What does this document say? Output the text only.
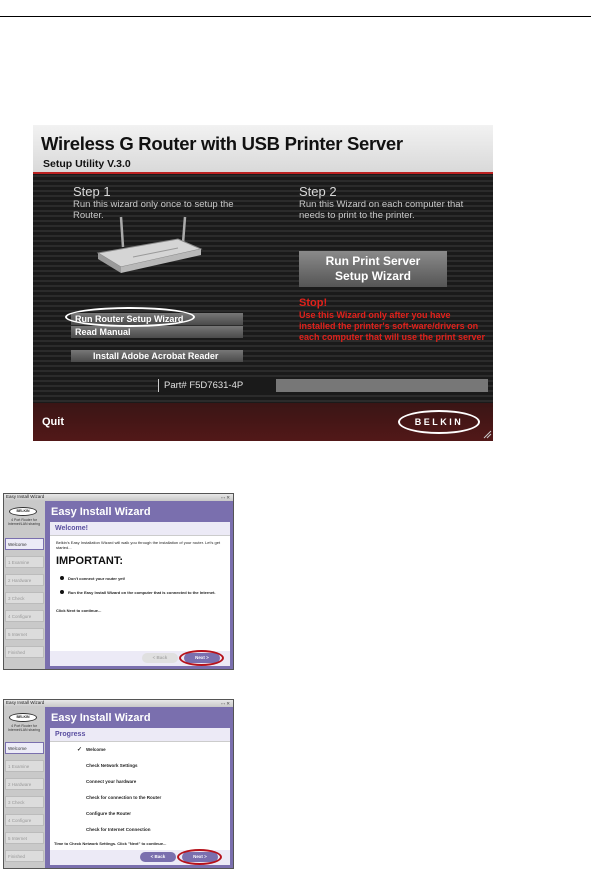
Wireless G Router with USB Printer Server
Setup Utility V.3.0
Step 1
Run this wizard only once to setup the Router.
Step 2
Run this Wizard on each computer that needs to print to the printer.
Run Router Setup Wizard
Read Manual
Install Adobe Acrobat Reader
Run Print Server
Setup Wizard
Stop!
Use this Wizard only after you have installed the printer's soft-ware/drivers on each computer that will use the print server
Part# F5D7631-4P
Quit	BELKIN
Easy Install Wizard	▫▫✕
BELKIN
4 Port Router for Internet/LAN sharing
Welcome
1 Examine
2 Hardware
3 Check
4 Configure
5 Internet
Finished
Easy Install Wizard
Welcome!
Belkin's Easy Installation Wizard will walk you through the installation of your router. Let's get started...
IMPORTANT:
Don't connect your router yet!
Run the Easy Install Wizard on the computer that is connected to the Internet.
Click Next to continue...
< Back	Next >
Easy Install Wizard	▫▫✕
BELKIN
4 Port Router for Internet/LAN sharing
Welcome
1 Examine
2 Hardware
3 Check
4 Configure
5 Internet
Finished
Easy Install Wizard
Progress
✓ Welcome
Check Network Settings
Connect your hardware
Check for connection to the Router
Configure the Router
Check for Internet Connection
Time to Check Network Settings. Click "Next" to continue...
< Back	Next >
